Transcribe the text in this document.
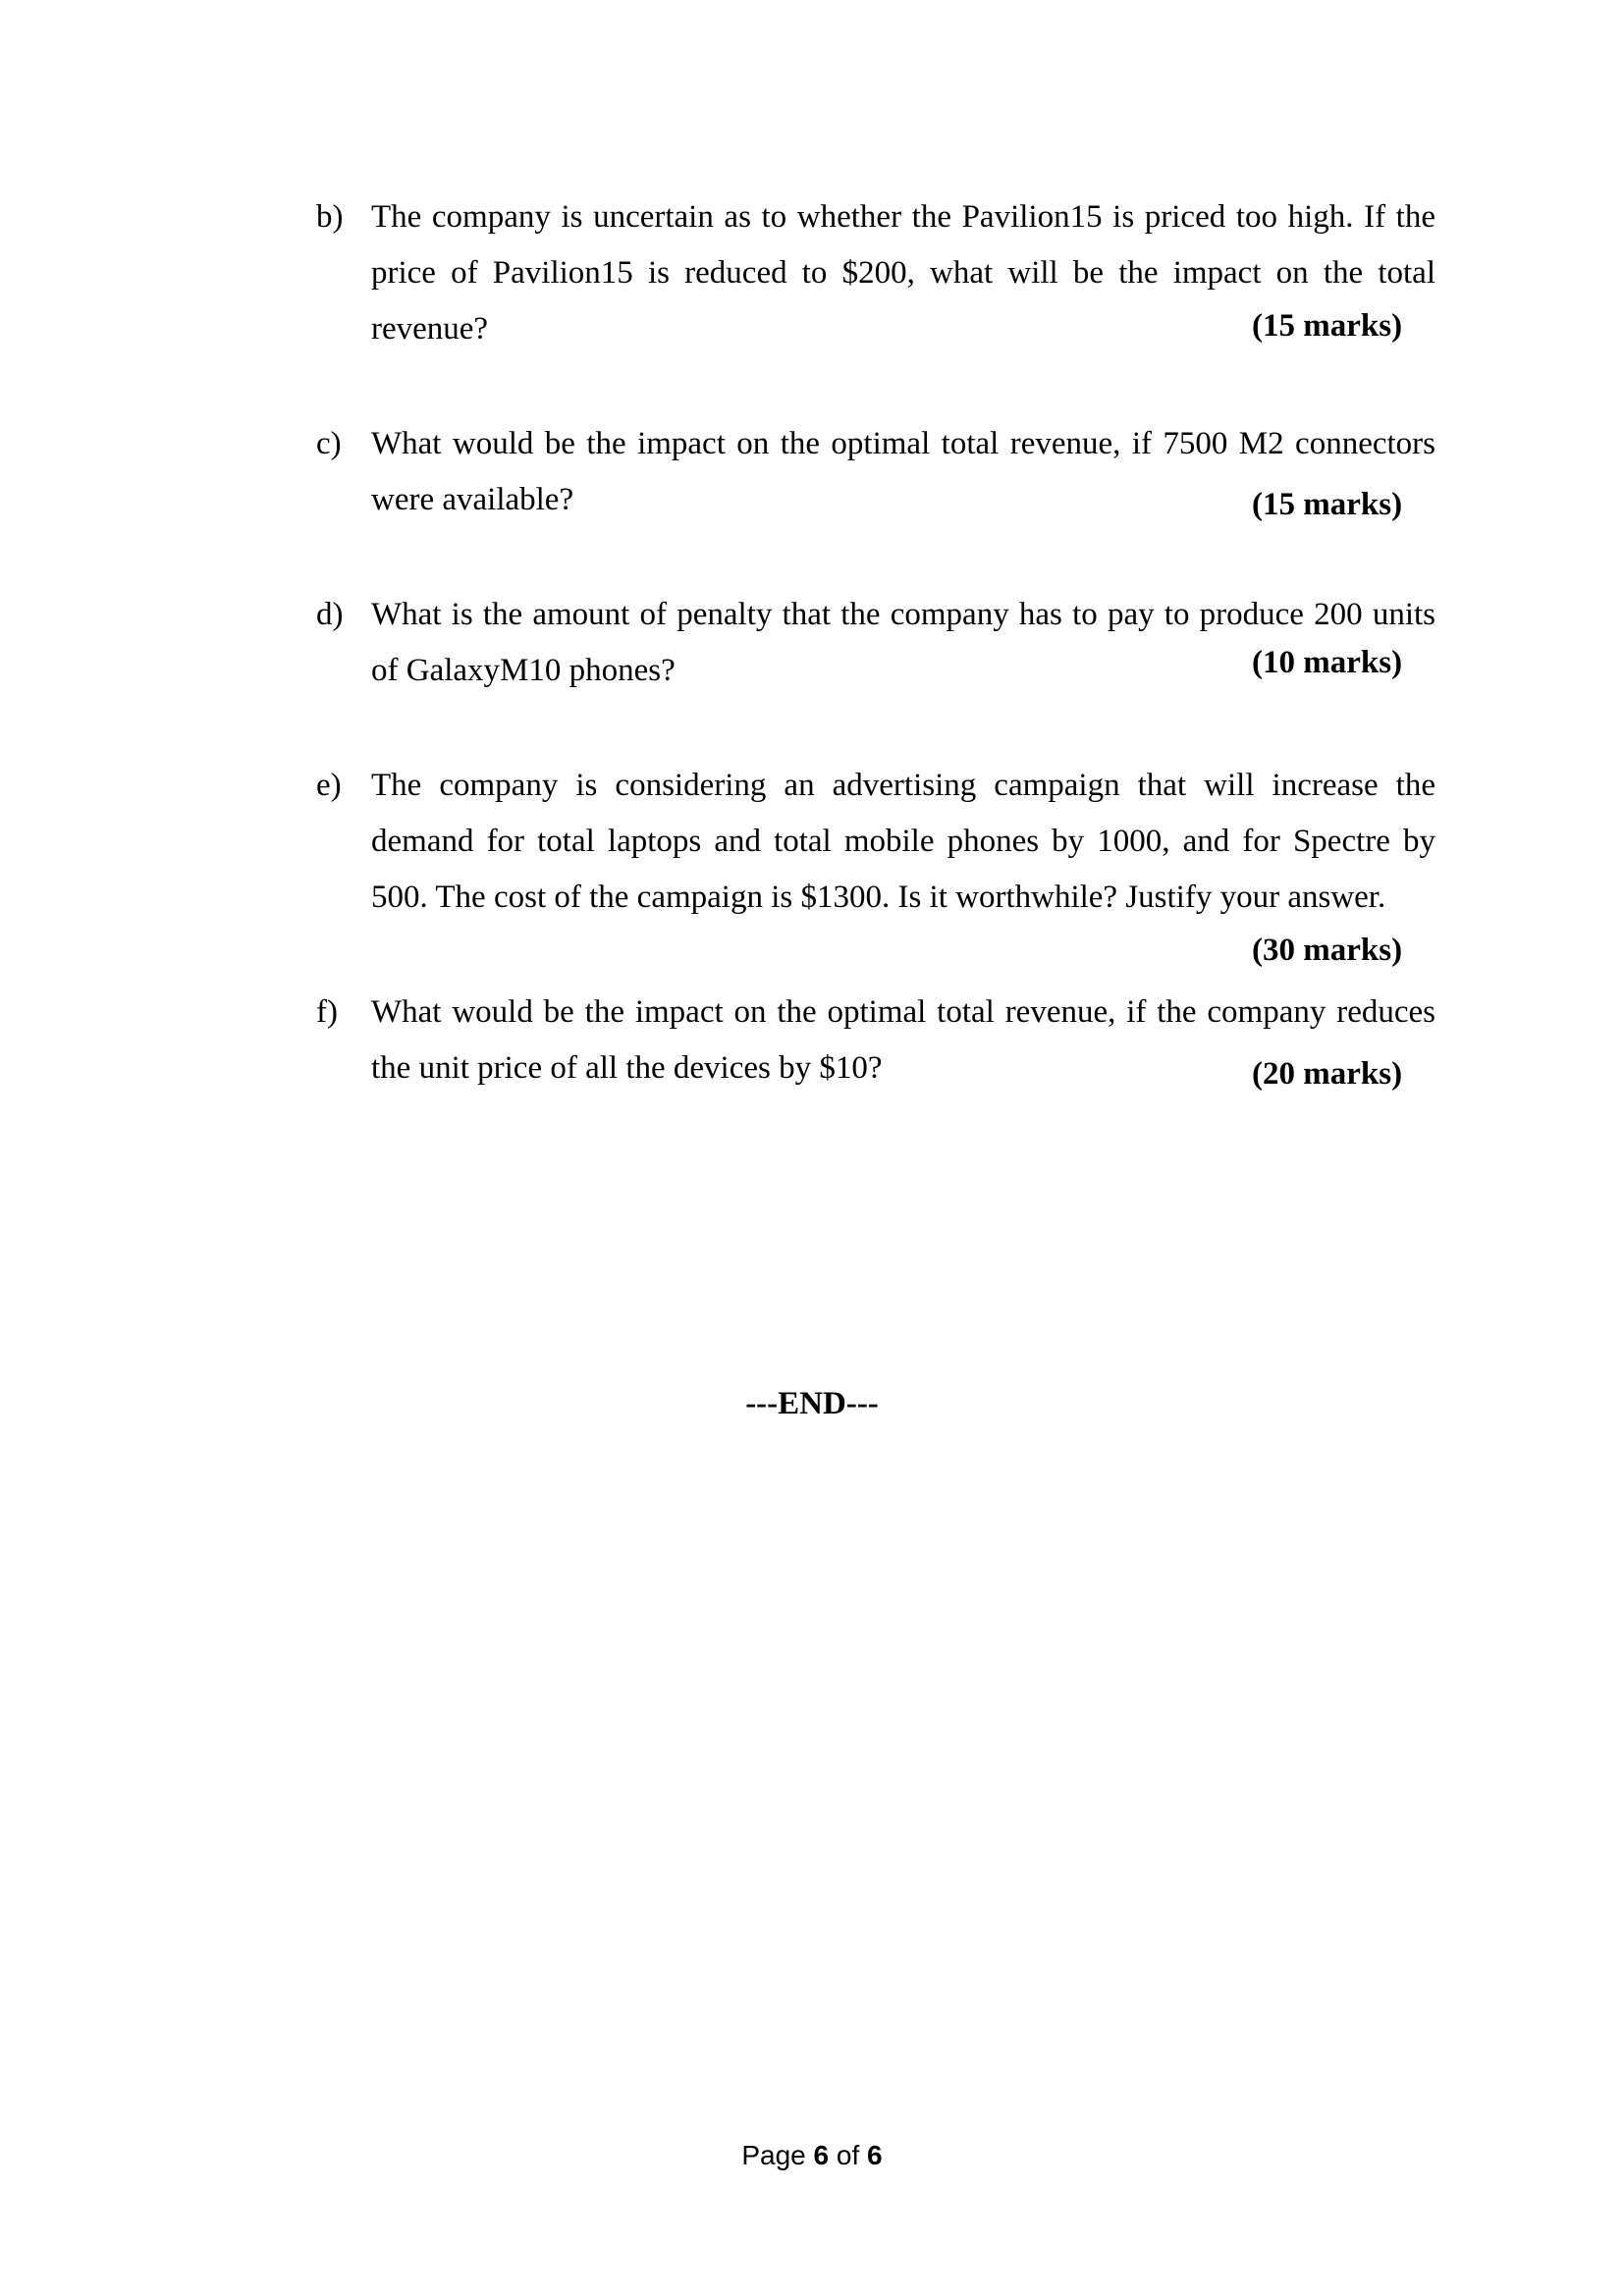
b) The company is uncertain as to whether the Pavilion15 is priced too high. If the price of Pavilion15 is reduced to $200, what will be the impact on the total revenue?	(15 marks)
c) What would be the impact on the optimal total revenue, if 7500 M2 connectors were available?	(15 marks)
d) What is the amount of penalty that the company has to pay to produce 200 units of GalaxyM10 phones?	(10 marks)
e) The company is considering an advertising campaign that will increase the demand for total laptops and total mobile phones by 1000, and for Spectre by 500. The cost of the campaign is $1300. Is it worthwhile? Justify your answer.
(30 marks)
f)	What would be the impact on the optimal total revenue, if the company reduces the unit price of all the devices by $10?	(20 marks)
---END---
Page 6 of 6
